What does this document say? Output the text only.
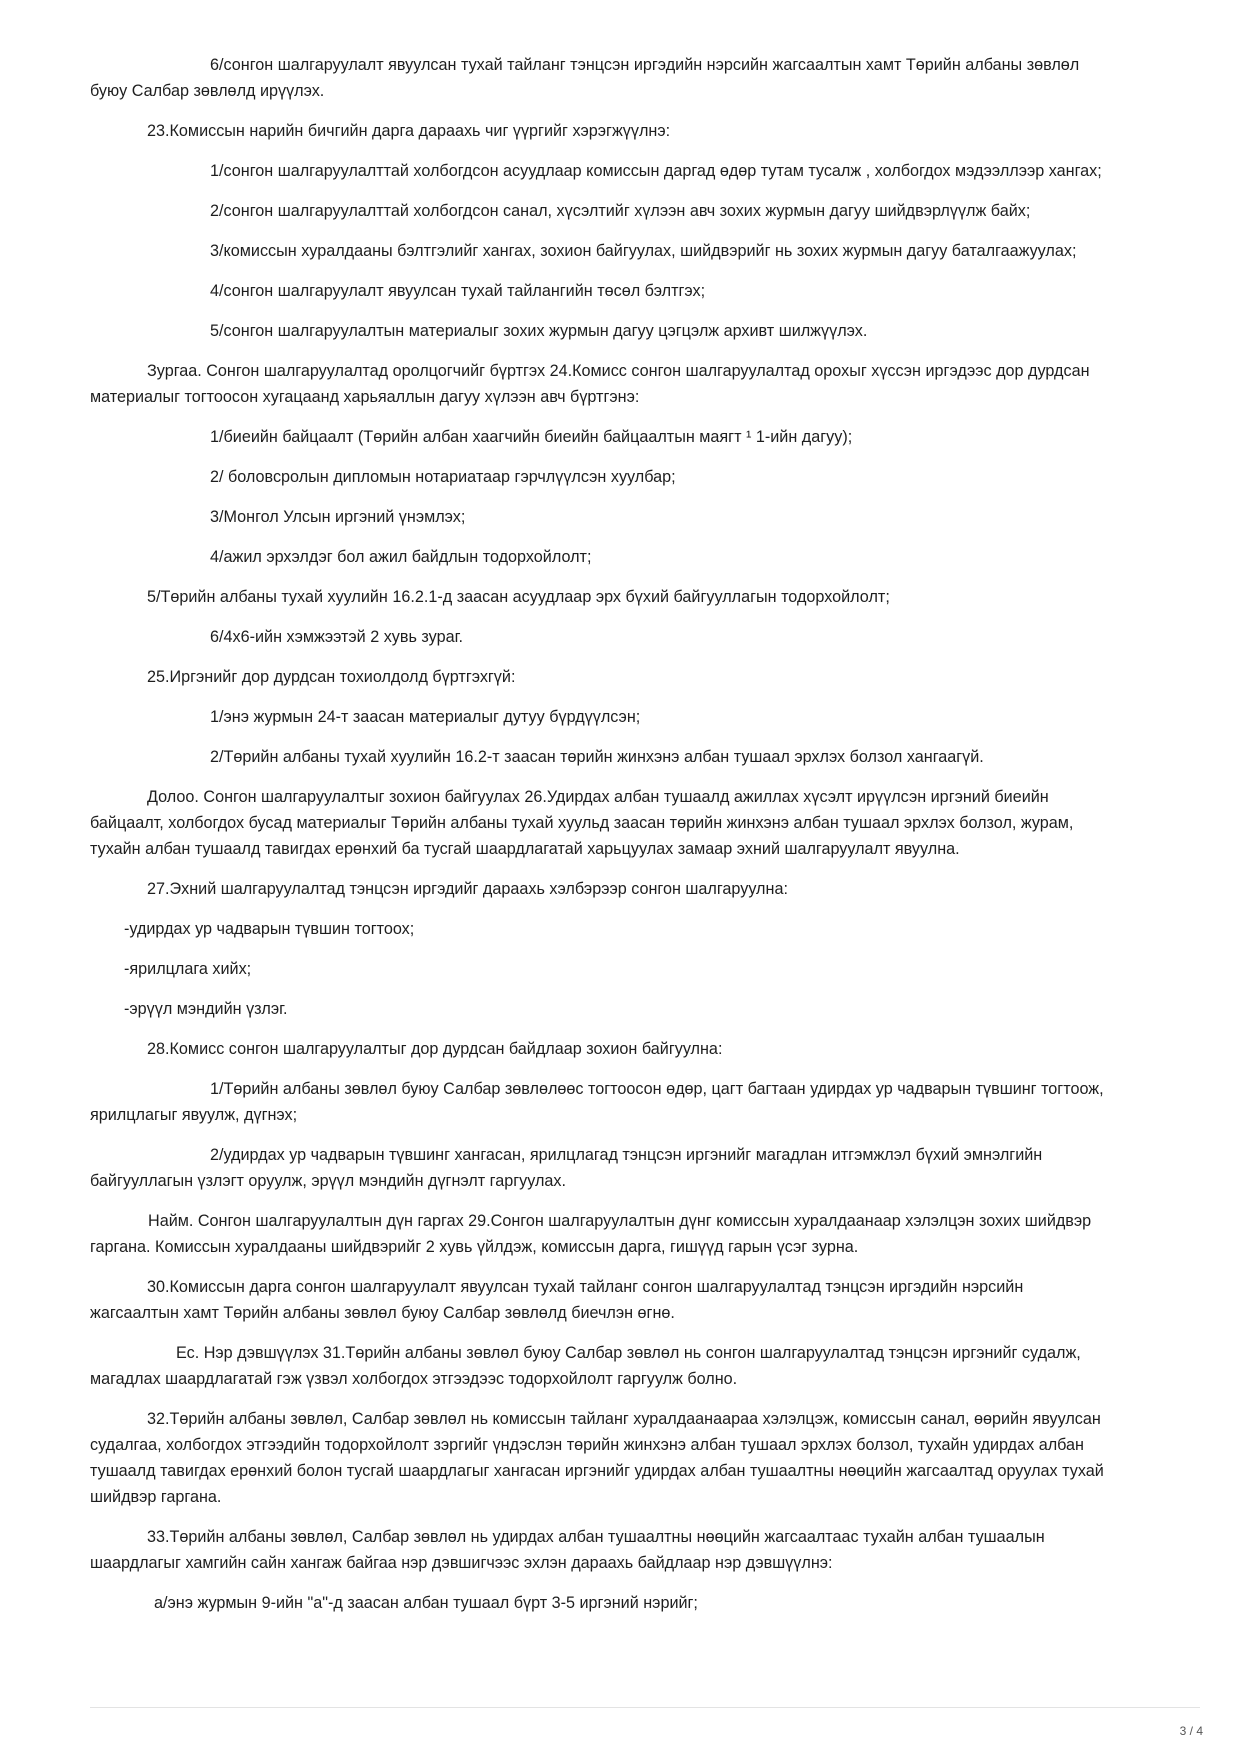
6/сонгон шалгаруулалт явуулсан тухай тайланг тэнцсэн иргэдийн нэрсийн жагсаалтын хамт Төрийн албаны зөвлөл буюу Салбар зөвлөлд ирүүлэх.

23.Комиссын нарийн бичгийн дарга дараахь чиг үүргийг хэрэгжүүлнэ:

1/сонгон шалгаруулалттай холбогдсон асуудлаар комиссын даргад өдөр тутам тусалж , холбогдох мэдээллээр хангах;

2/сонгон шалгаруулалттай холбогдсон санал, хүсэлтийг хүлээн авч зохих журмын дагуу шийдвэрлүүлж байх;

3/комиссын хуралдааны бэлтгэлийг хангах, зохион байгуулах, шийдвэрийг нь зохих журмын дагуу баталгаажуулах;

4/сонгон шалгаруулалт явуулсан тухай тайлангийн төсөл бэлтгэх;

5/сонгон шалгаруулалтын материалыг зохих журмын дагуу цэгцэлж архивт шилжүүлэх.

Зургаа. Сонгон шалгаруулалтад оролцогчийг бүртгэх 24.Комисс сонгон шалгаруулалтад орохыг хүссэн иргэдээс дор дурдсан материалыг тогтоосон хугацаанд харьяаллын дагуу хүлээн авч бүртгэнэ:

1/биеийн байцаалт (Төрийн албан хаагчийн биеийн байцаалтын маягт ¹ 1-ийн дагуу);

2/ боловсролын дипломын нотариатаар гэрчлүүлсэн хуулбар;

3/Монгол Улсын иргэний үнэмлэх;

4/ажил эрхэлдэг бол ажил байдлын тодорхойлолт;

5/Төрийн албаны тухай хуулийн 16.2.1-д заасан асуудлаар эрх бүхий байгууллагын тодорхойлолт;

6/4х6-ийн хэмжээтэй 2 хувь зураг.

25.Иргэнийг дор дурдсан тохиолдолд бүртгэхгүй:

1/энэ журмын 24-т заасан материалыг дутуу бүрдүүлсэн;

2/Төрийн албаны тухай хуулийн 16.2-т заасан төрийн жинхэнэ албан тушаал эрхлэх болзол хангаагүй.

Долоо. Сонгон шалгаруулалтыг зохион байгуулах 26.Удирдах албан тушаалд ажиллах хүсэлт ирүүлсэн иргэний биеийн байцаалт, холбогдох бусад материалыг Төрийн албаны тухай хуульд заасан төрийн жинхэнэ албан тушаал эрхлэх болзол, журам, тухайн албан тушаалд тавигдах ерөнхий ба тусгай шаардлагатай харьцуулах замаар эхний шалгаруулалт явуулна.

27.Эхний шалгаруулалтад тэнцсэн иргэдийг дараахь хэлбэрээр сонгон шалгаруулна:

-удирдах ур чадварын түвшин тогтоох;

-ярилцлага хийх;

-эрүүл мэндийн үзлэг.

28.Комисс сонгон шалгаруулалтыг дор дурдсан байдлаар зохион байгуулна:

1/Төрийн албаны зөвлөл буюу Салбар зөвлөлөөс тогтоосон өдөр, цагт багтаан удирдах ур чадварын түвшинг тогтоож, ярилцлагыг явуулж, дүгнэх;

2/удирдах ур чадварын түвшинг хангасан, ярилцлагад тэнцсэн иргэнийг магадлан итгэмжлэл бүхий эмнэлгийн байгууллагын үзлэгт оруулж, эрүүл мэндийн дүгнэлт гаргуулах.

Найм. Сонгон шалгаруулалтын дүн гаргах 29.Сонгон шалгаруулалтын дүнг комиссын хуралдаанаар хэлэлцэн зохих шийдвэр гаргана. Комиссын хуралдааны шийдвэрийг 2 хувь үйлдэж, комиссын дарга, гишүүд гарын үсэг зурна.

30.Комиссын дарга сонгон шалгаруулалт явуулсан тухай тайланг сонгон шалгаруулалтад тэнцсэн иргэдийн нэрсийн жагсаалтын хамт Төрийн албаны зөвлөл буюу Салбар зөвлөлд биечлэн өгнө.

Ес. Нэр дэвшүүлэх 31.Төрийн албаны зөвлөл буюу Салбар зөвлөл нь сонгон шалгаруулалтад тэнцсэн иргэнийг судалж, магадлах шаардлагатай гэж үзвэл холбогдох этгээдээс тодорхойлолт гаргуулж болно.

32.Төрийн албаны зөвлөл, Салбар зөвлөл нь комиссын тайланг хуралдаанаараа хэлэлцэж, комиссын санал, өөрийн явуулсан судалгаа, холбогдох этгээдийн тодорхойлолт зэргийг үндэслэн төрийн жинхэнэ албан тушаал эрхлэх болзол, тухайн удирдах албан тушаалд тавигдах ерөнхий болон тусгай шаардлагыг хангасан иргэнийг удирдах албан тушаалтны нөөцийн жагсаалтад оруулах тухай шийдвэр гаргана.

33.Төрийн албаны зөвлөл, Салбар зөвлөл нь удирдах албан тушаалтны нөөцийн жагсаалтаас тухайн албан тушаалын шаардлагыг хамгийн сайн хангаж байгаа нэр дэвшигчээс эхлэн дараахь байдлаар нэр дэвшүүлнэ:

а/энэ журмын 9-ийн "а"-д заасан албан тушаал бүрт 3-5 иргэний нэрийг;

3 / 4
